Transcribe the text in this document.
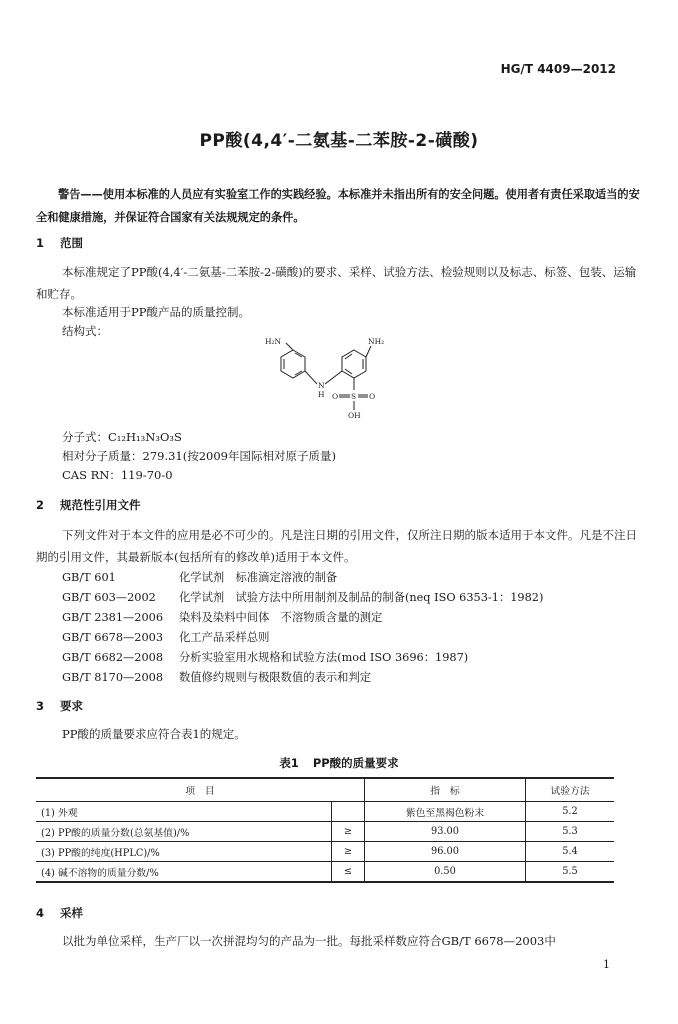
HG/T 4409—2012
PP酸(4,4′-二氨基-二苯胺-2-磺酸)
警告——使用本标准的人员应有实验室工作的实践经验。本标准并未指出所有的安全问题。使用者有责任采取适当的安全和健康措施，并保证符合国家有关法规规定的条件。
1 范围
本标准规定了PP酸(4,4′-二氨基-二苯胺-2-磺酸)的要求、采样、试验方法、检验规则以及标志、标签、包装、运输和贮存。
本标准适用于PP酸产品的质量控制。
结构式：
H₂N	NH₂
N
H O S O
OH
分子式：C₁₂H₁₃N₃O₃S
相对分子质量：279.31(按2009年国际相对原子质量)
CAS RN：119-70-0
2 规范性引用文件
下列文件对于本文件的应用是必不可少的。凡是注日期的引用文件，仅所注日期的版本适用于本文件。凡是不注日期的引用文件，其最新版本(包括所有的修改单)适用于本文件。
GB/T 601	化学试剂　标准滴定溶液的制备
GB/T 603—2002 化学试剂　试验方法中所用制剂及制品的制备(neq ISO 6353-1：1982)
GB/T 2381—2006 染料及染料中间体　不溶物质含量的测定
GB/T 6678—2003 化工产品采样总则
GB/T 6682—2008 分析实验室用水规格和试验方法(mod ISO 3696：1987)
GB/T 8170—2008 数值修约规则与极限数值的表示和判定
3 要求
PP酸的质量要求应符合表1的规定。
表1 PP酸的质量要求
项　目		指　标	试验方法
(1) 外观		紫色至黑褐色粉末	5.2
(2) PP酸的质量分数(总氨基值)/%	≥	93.00	5.3
(3) PP酸的纯度(HPLC)/%	≥	96.00	5.4
(4) 碱不溶物的质量分数/%	≤	0.50	5.5
4 采样
以批为单位采样，生产厂以一次拼混均匀的产品为一批。每批采样数应符合GB/T 6678—2003中
1
